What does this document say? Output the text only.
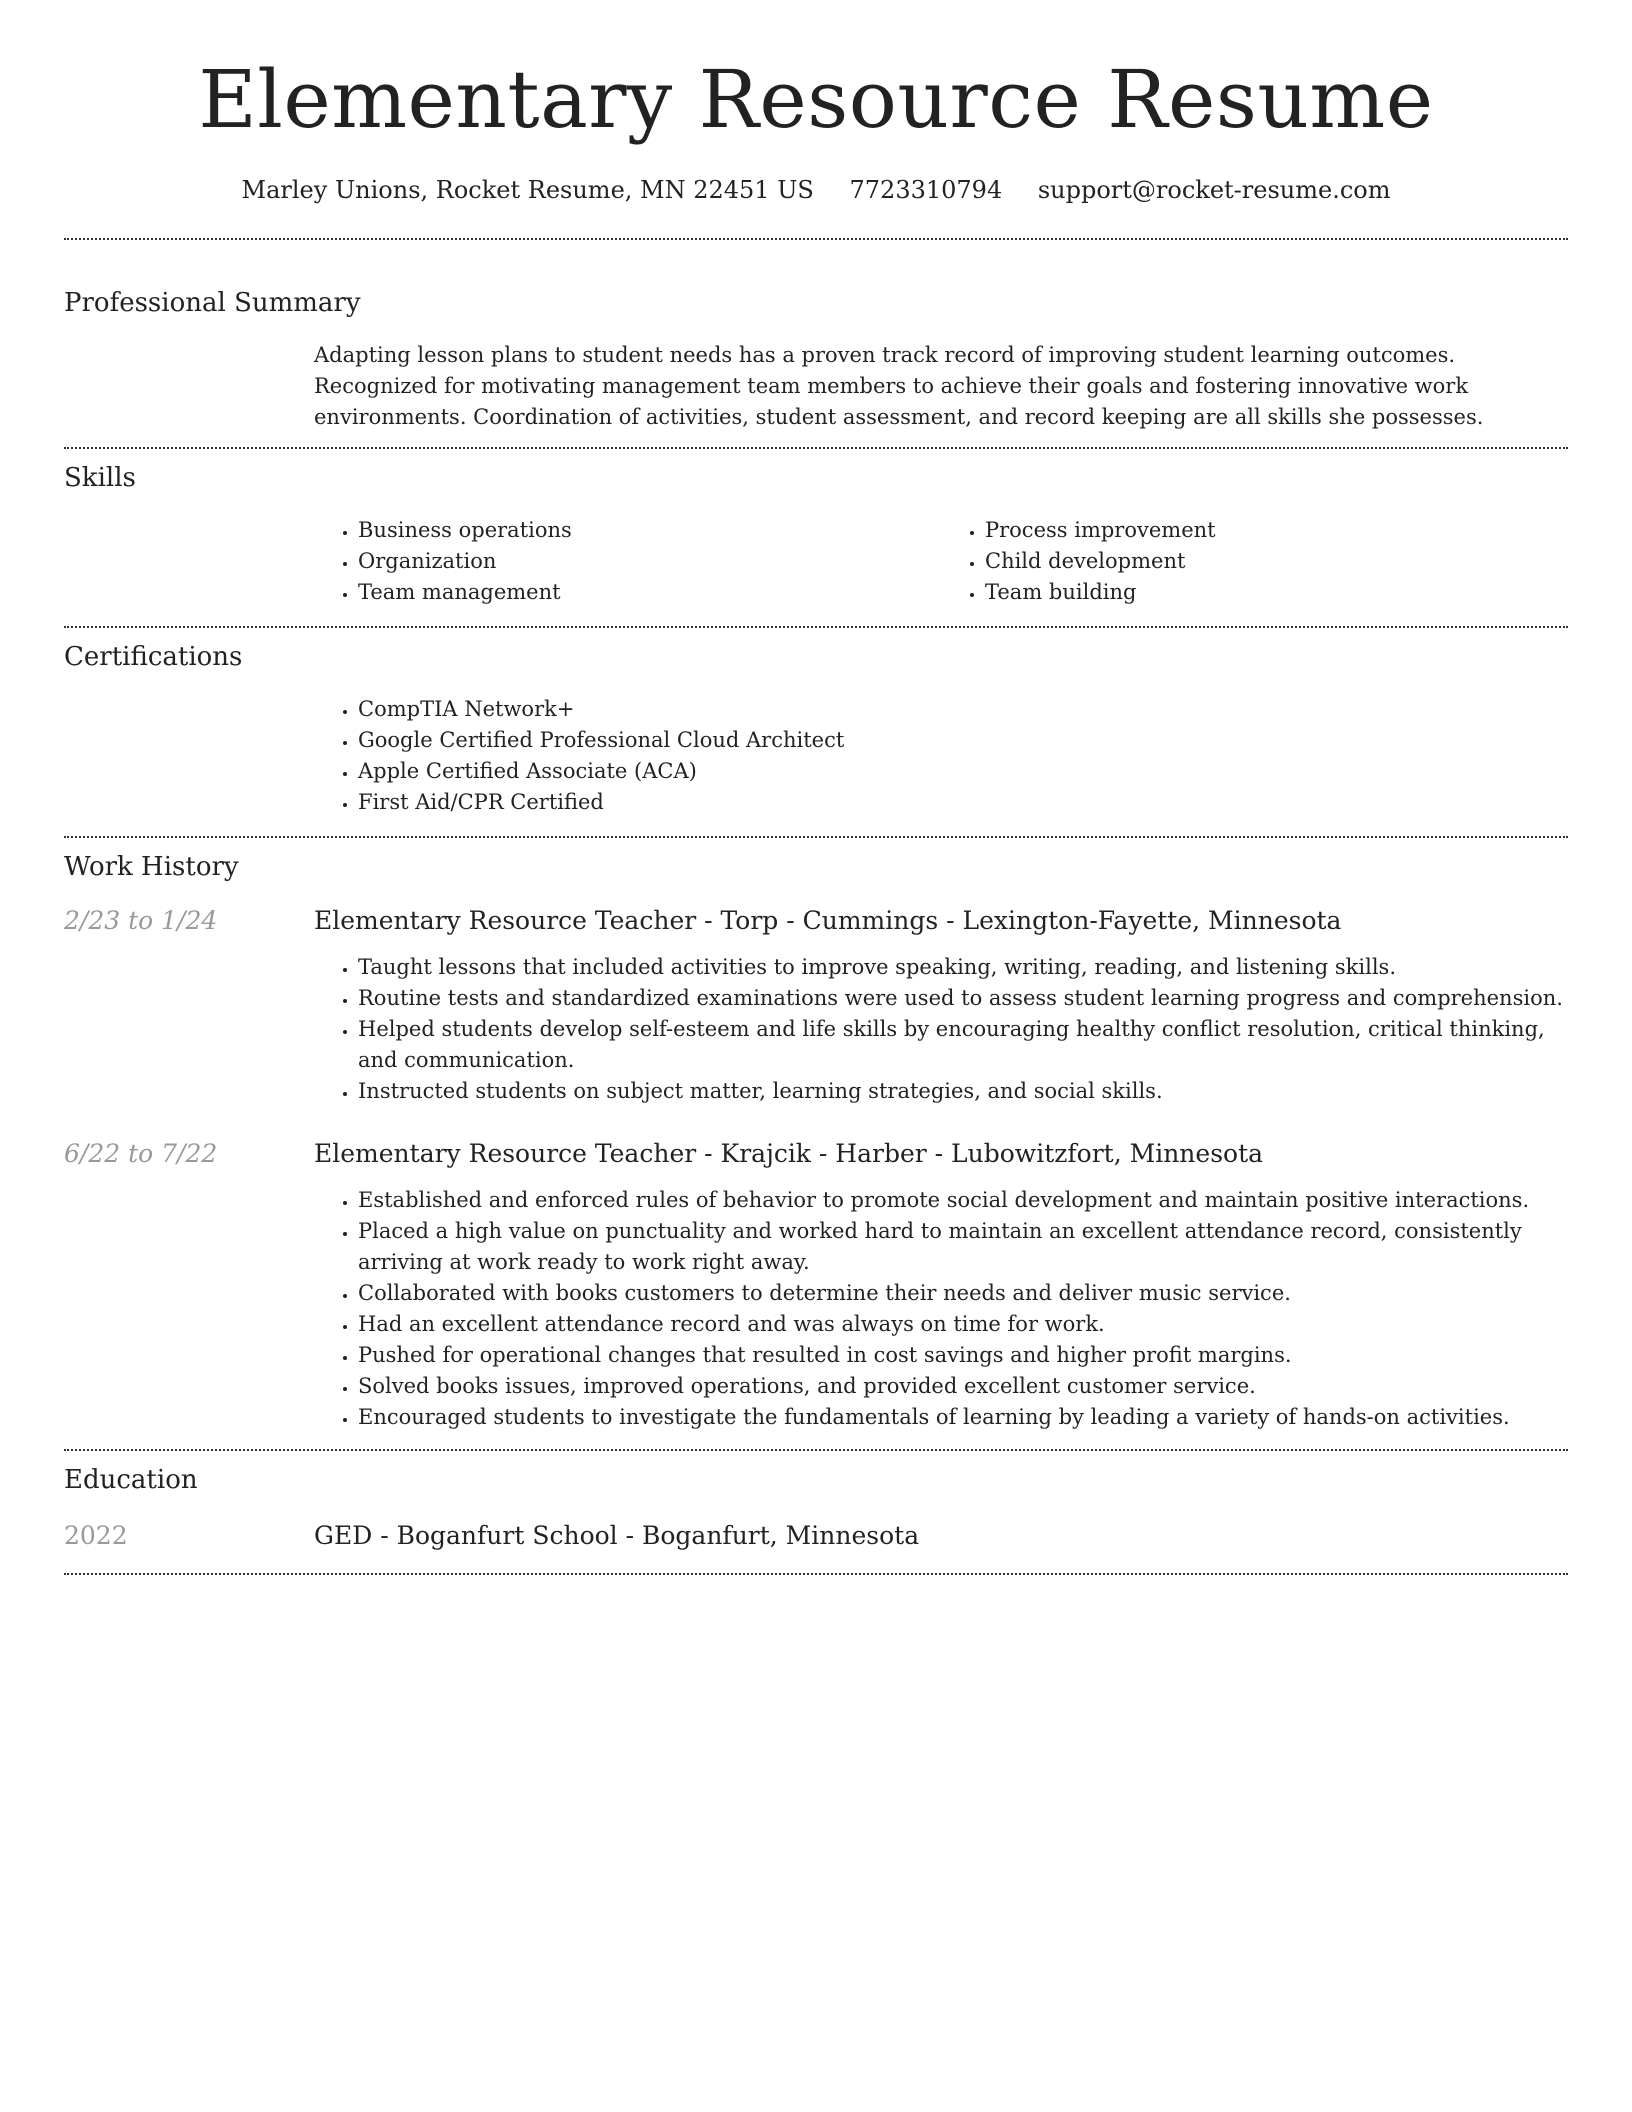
Elementary Resource Resume
Marley Unions, Rocket Resume, MN 22451 US 7723310794 support@rocket-resume.com
Professional Summary

Adapting lesson plans to student needs has a proven track record of improving student learning outcomes. Recognized for motivating management team members to achieve their goals and fostering innovative work environments. Coordination of activities, student assessment, and record keeping are all skills she possesses.

Skills
• Business operations
• Organization
• Team management
• Process improvement
• Child development
• Team building
Certifications
• CompTIA Network+
• Google Certified Professional Cloud Architect
• Apple Certified Associate (ACA)
• First Aid/CPR Certified
Work History
2/23 to 1/24	Elementary Resource Teacher - Torp - Cummings - Lexington-Fayette, Minnesota
• Taught lessons that included activities to improve speaking, writing, reading, and listening skills.
• Routine tests and standardized examinations were used to assess student learning progress and comprehension.
• Helped students develop self-esteem and life skills by encouraging healthy conflict resolution, critical thinking, and communication.
• Instructed students on subject matter, learning strategies, and social skills.
6/22 to 7/22	Elementary Resource Teacher - Krajcik - Harber - Lubowitzfort, Minnesota
• Established and enforced rules of behavior to promote social development and maintain positive interactions.
• Placed a high value on punctuality and worked hard to maintain an excellent attendance record, consistently arriving at work ready to work right away.
• Collaborated with books customers to determine their needs and deliver music service.
• Had an excellent attendance record and was always on time for work.
• Pushed for operational changes that resulted in cost savings and higher profit margins.
• Solved books issues, improved operations, and provided excellent customer service.
• Encouraged students to investigate the fundamentals of learning by leading a variety of hands-on activities.
Education
2022	GED - Boganfurt School - Boganfurt, Minnesota
